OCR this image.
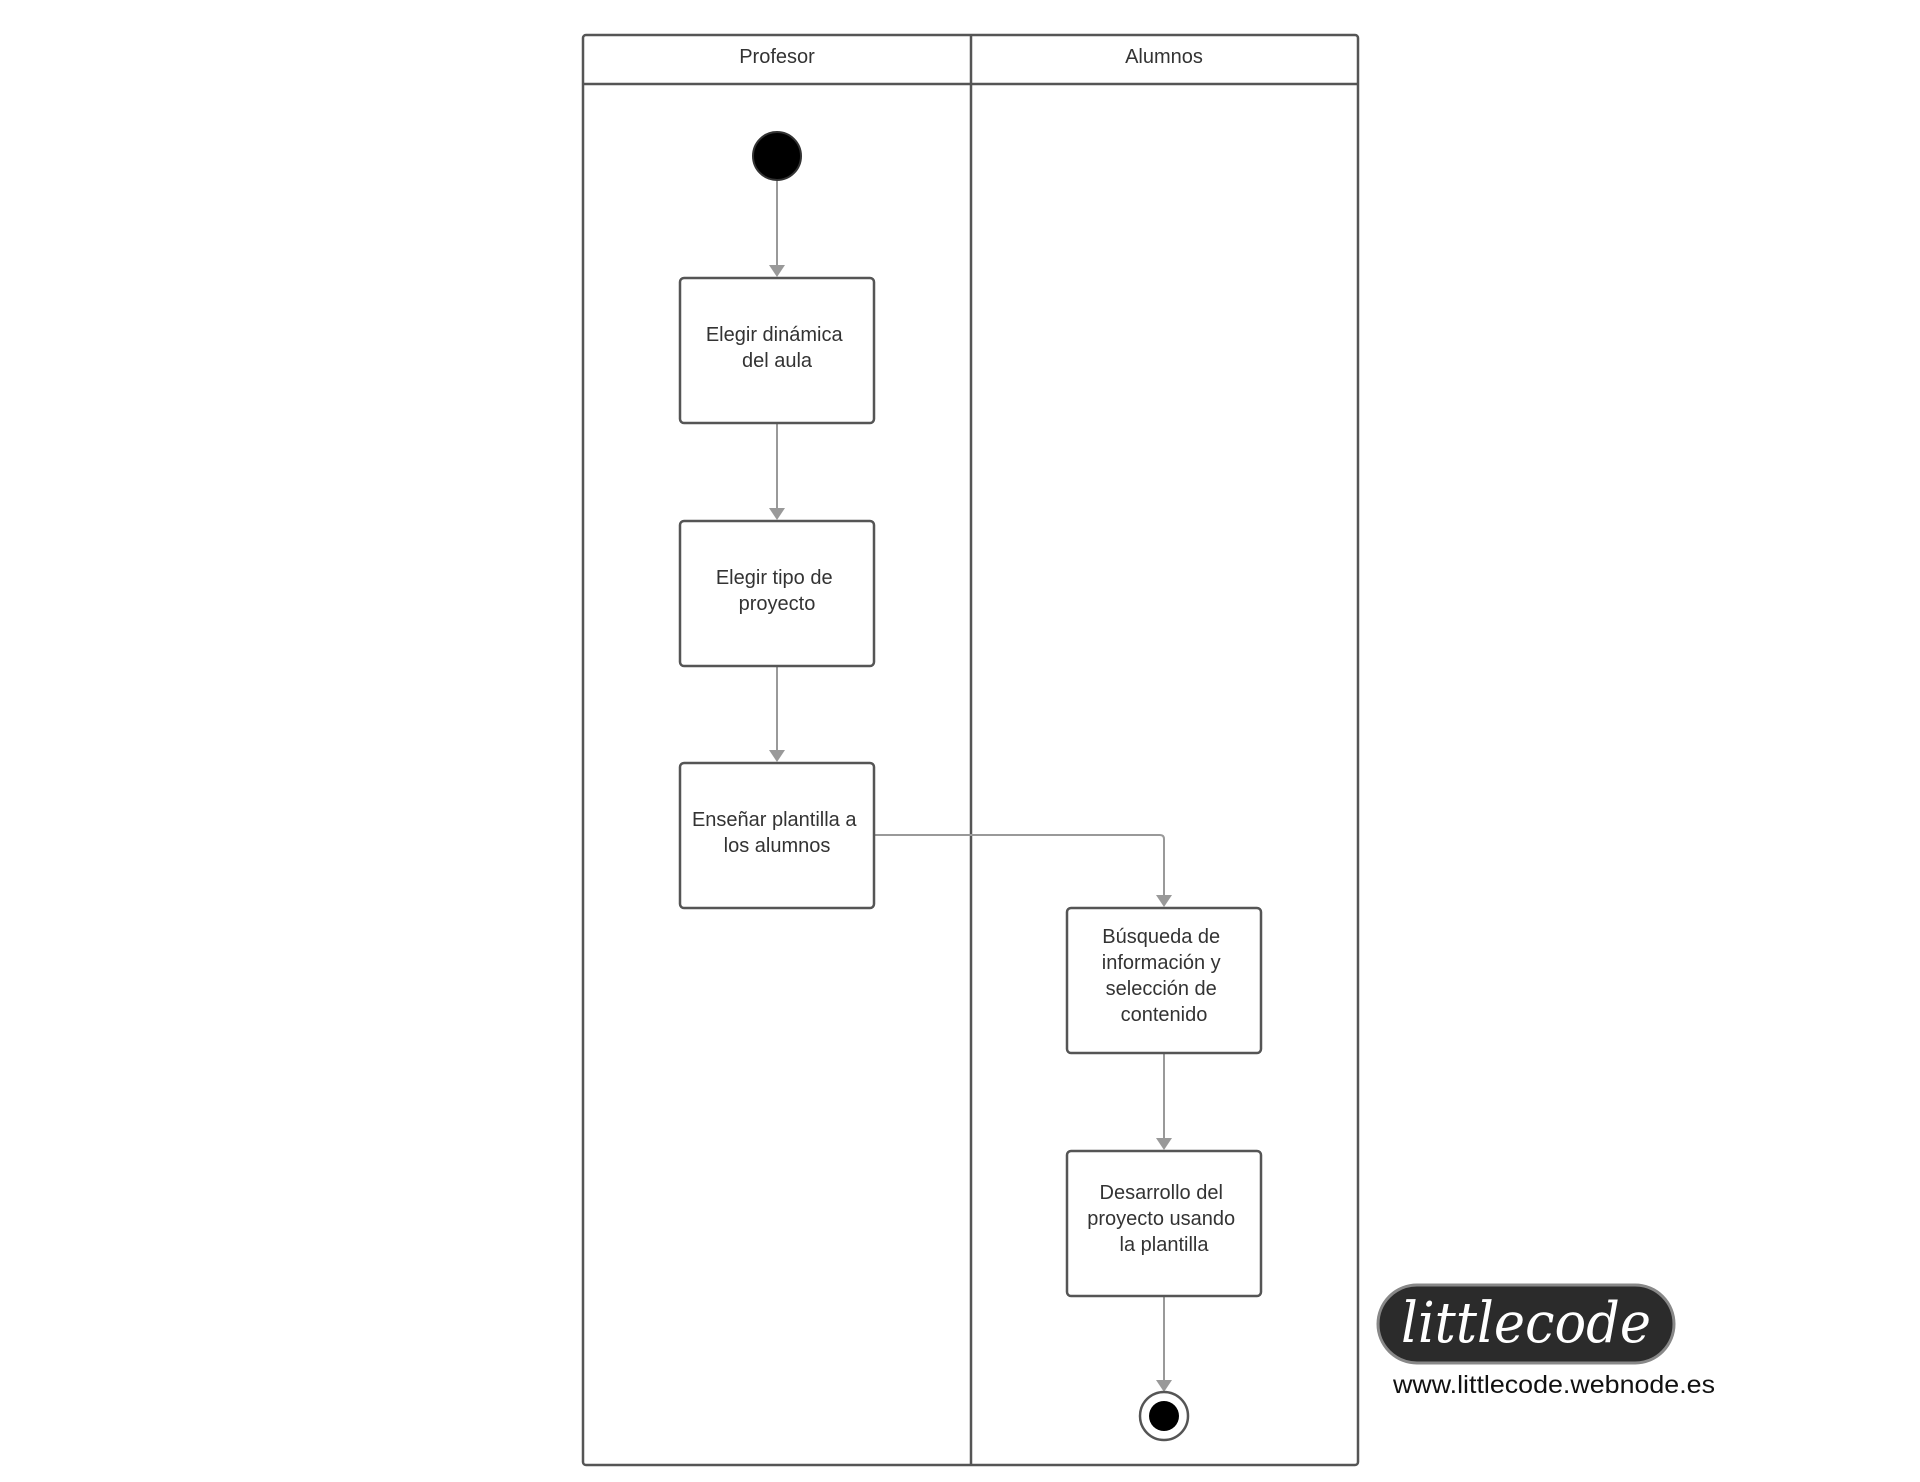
Profesor	Alumnos
Elegir dinámica del aula
Elegir tipo de proyecto
Enseñar plantilla a los alumnos
Búsqueda de información y selección de contenido
Desarrollo del proyecto usando la plantilla
littlecode
www.littlecode.webnode.es
